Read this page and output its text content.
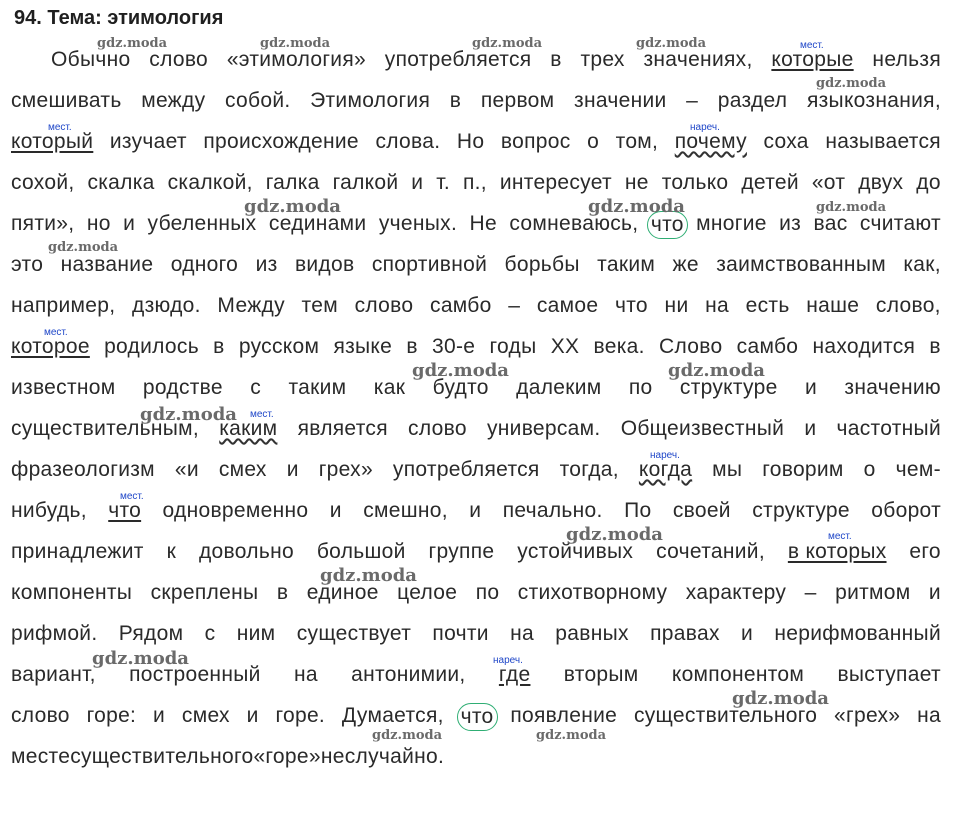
94. Тема: этимология
Обычно слово «этимология» употребляется в трех значениях, которые нельзя
смешивать между собой. Этимология в первом значении – раздел языкознания,
который изучает происхождение слова. Но вопрос о том, почему соха называется
сохой, скалка скалкой, галка галкой и т. п., интересует не только детей «от двух до
пяти», но и убеленных сединами ученых. Не сомневаюсь, что многие из вас считают
это название одного из видов спортивной борьбы таким же заимствованным как,
например, дзюдо. Между тем слово самбо – самое что ни на есть наше слово,
которое родилось в русском языке в 30-е годы XX века. Слово самбо находится в
известном родстве с таким как будто далеким по структуре и значению
существительным, каким является слово универсам. Общеизвестный и частотный
фразеологизм «и смех и грех» употребляется тогда, когда мы говорим о чем-
нибудь, что одновременно и смешно, и печально. По своей структуре оборот
принадлежит к довольно большой группе устойчивых сочетаний, в которых его
компоненты скреплены в единое целое по стихотворному характеру – ритмом и
рифмой. Рядом с ним существует почти на равных правах и нерифмованный
вариант, построенный на антонимии, где вторым компонентом выступает
слово горе: и смех и горе. Думается, что появление существительного «грех» на
местесуществительного«горе»неслучайно.
мест.
мест.	нареч.
мест.
мест.
нареч.
мест.
мест.
нареч.
gdz.moda	gdz.moda	gdz.moda	gdz.moda
gdz.moda
gdz.moda	gdz.moda	gdz.moda
gdz.moda
gdz.moda	gdz.moda
gdz.moda
gdz.moda
gdz.moda
gdz.moda
gdz.moda
gdz.moda	gdz.moda
